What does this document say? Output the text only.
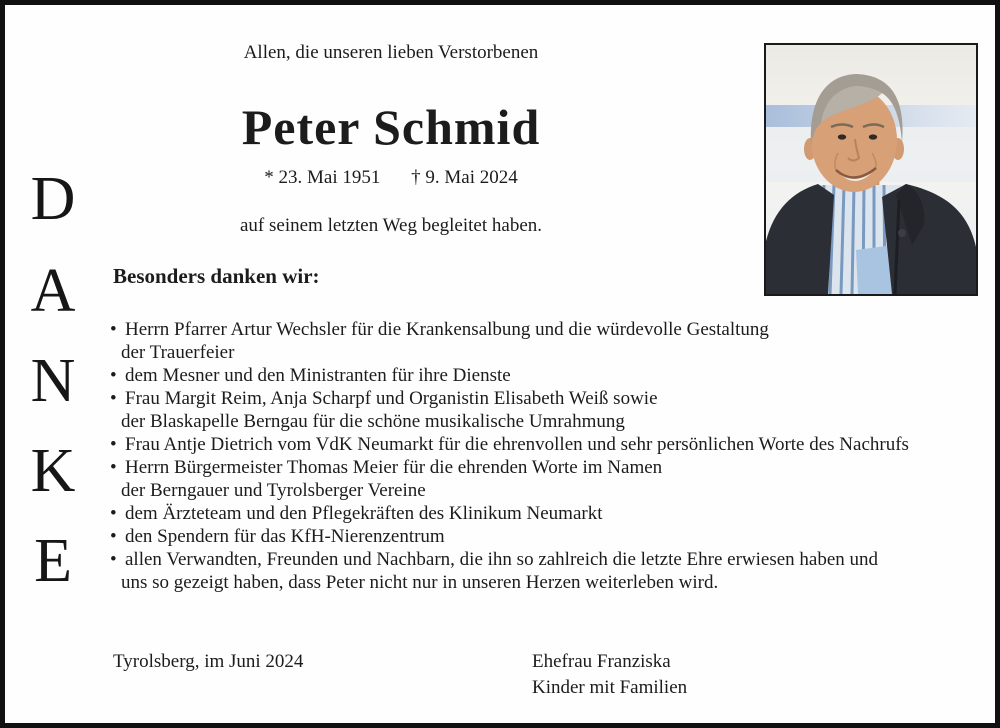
D
A
N
K
E
Allen, die unseren lieben Verstorbenen
Peter Schmid
* 23. Mai 1951 † 9. Mai 2024
auf seinem letzten Weg begleitet haben.
Besonders danken wir:
• Herrn Pfarrer Artur Wechsler für die Krankensalbung und die würdevolle Gestaltung
der Trauerfeier
• dem Mesner und den Ministranten für ihre Dienste
• Frau Margit Reim, Anja Scharpf und Organistin Elisabeth Weiß sowie
der Blaskapelle Berngau für die schöne musikalische Umrahmung
• Frau Antje Dietrich vom VdK Neumarkt für die ehrenvollen und sehr persönlichen Worte des Nachrufs
• Herrn Bürgermeister Thomas Meier für die ehrenden Worte im Namen
der Berngauer und Tyrolsberger Vereine
• dem Ärzteteam und den Pflegekräften des Klinikum Neumarkt
• den Spendern für das KfH-Nierenzentrum
• allen Verwandten, Freunden und Nachbarn, die ihn so zahlreich die letzte Ehre erwiesen haben und
uns so gezeigt haben, dass Peter nicht nur in unseren Herzen weiterleben wird.
Tyrolsberg, im Juni 2024	Ehefrau Franziska
Kinder mit Familien
